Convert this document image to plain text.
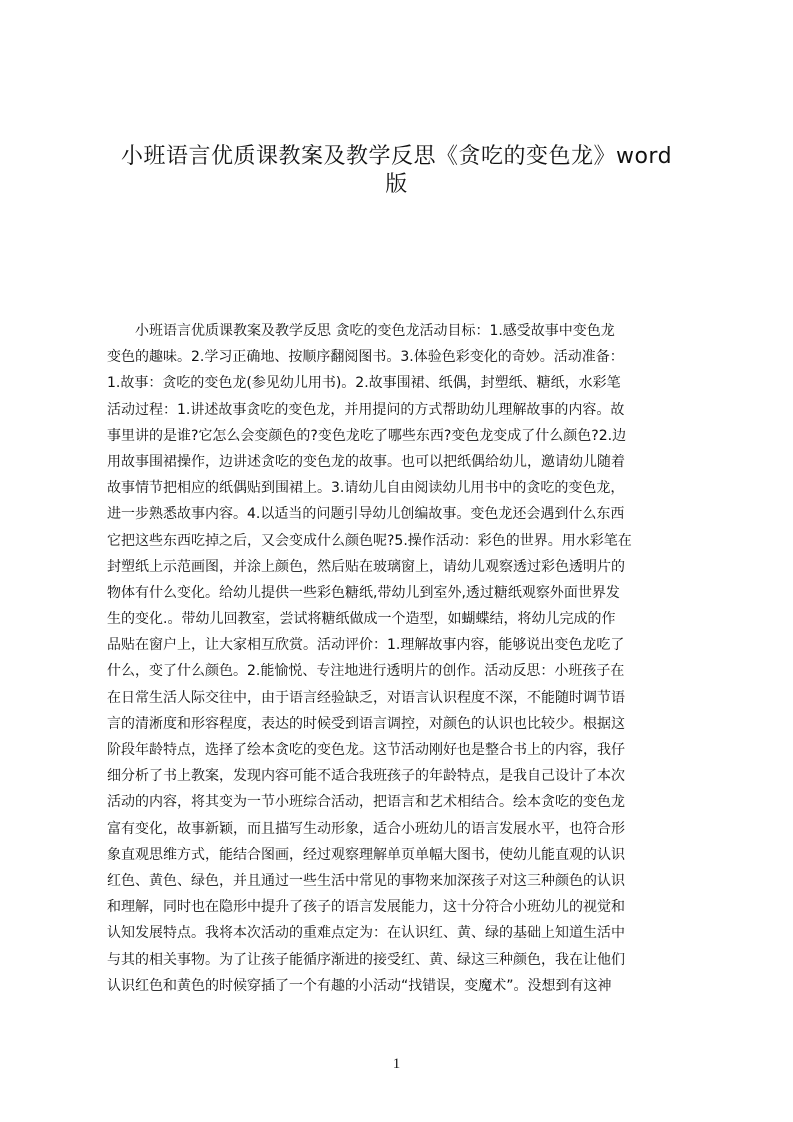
小班语言优质课教案及教学反思《贪吃的变色龙》word
版
　　小班语言优质课教案及教学反思 贪吃的变色龙活动目标：1.感受故事中变色龙
变色的趣味。2.学习正确地、按顺序翻阅图书。3.体验色彩变化的奇妙。活动准备：
1.故事：贪吃的变色龙(参见幼儿用书)。2.故事围裙、纸偶，封塑纸、糖纸，水彩笔
活动过程：1.讲述故事贪吃的变色龙，并用提问的方式帮助幼儿理解故事的内容。故
事里讲的是谁?它怎么会变颜色的?变色龙吃了哪些东西?变色龙变成了什么颜色?2.边
用故事围裙操作，边讲述贪吃的变色龙的故事。也可以把纸偶给幼儿，邀请幼儿随着
故事情节把相应的纸偶贴到围裙上。3.请幼儿自由阅读幼儿用书中的贪吃的变色龙，
进一步熟悉故事内容。4.以适当的问题引导幼儿创编故事。变色龙还会遇到什么东西
它把这些东西吃掉之后，又会变成什么颜色呢?5.操作活动：彩色的世界。用水彩笔在
封塑纸上示范画图，并涂上颜色，然后贴在玻璃窗上，请幼儿观察透过彩色透明片的
物体有什么变化。给幼儿提供一些彩色糖纸,带幼儿到室外,透过糖纸观察外面世界发
生的变化.。带幼儿回教室，尝试将糖纸做成一个造型，如蝴蝶结，将幼儿完成的作
品贴在窗户上，让大家相互欣赏。活动评价：1.理解故事内容，能够说出变色龙吃了
什么，变了什么颜色。2.能愉悦、专注地进行透明片的创作。活动反思：小班孩子在
在日常生活人际交往中，由于语言经验缺乏，对语言认识程度不深，不能随时调节语
言的清淅度和形容程度，表达的时候受到语言调控，对颜色的认识也比较少。根据这
阶段年龄特点，选择了绘本贪吃的变色龙。这节活动刚好也是整合书上的内容，我仔
细分析了书上教案，发现内容可能不适合我班孩子的年龄特点，是我自己设计了本次
活动的内容，将其变为一节小班综合活动，把语言和艺术相结合。绘本贪吃的变色龙
富有变化，故事新颖，而且描写生动形象，适合小班幼儿的语言发展水平，也符合形
象直观思维方式，能结合图画，经过观察理解单页单幅大图书，使幼儿能直观的认识
红色、黄色、绿色，并且通过一些生活中常见的事物来加深孩子对这三种颜色的认识
和理解，同时也在隐形中提升了孩子的语言发展能力，这十分符合小班幼儿的视觉和
认知发展特点。我将本次活动的重难点定为：在认识红、黄、绿的基础上知道生活中
与其的相关事物。为了让孩子能循序渐进的接受红、黄、绿这三种颜色，我在让他们
认识红色和黄色的时候穿插了一个有趣的小活动“找错误，变魔术”。没想到有这神
1
